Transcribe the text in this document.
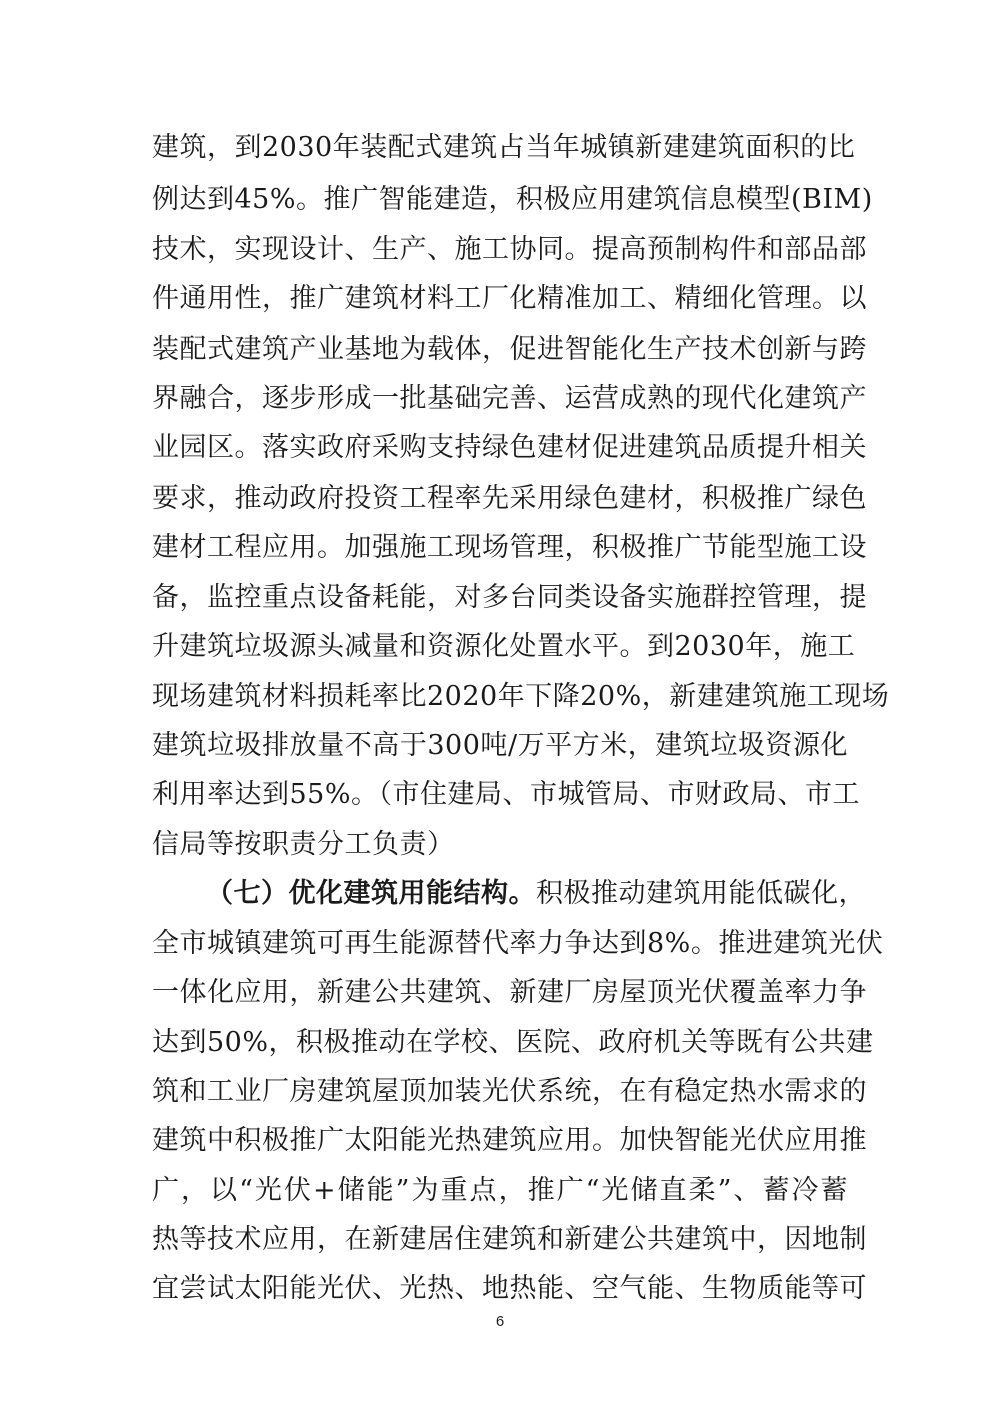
建筑，到2030年装配式建筑占当年城镇新建建筑面积的比
例达到45%。推广智能建造，积极应用建筑信息模型(BIM)
技术，实现设计、生产、施工协同。提高预制构件和部品部
件通用性，推广建筑材料工厂化精准加工、精细化管理。以
装配式建筑产业基地为载体，促进智能化生产技术创新与跨
界融合，逐步形成一批基础完善、运营成熟的现代化建筑产
业园区。落实政府采购支持绿色建材促进建筑品质提升相关
要求，推动政府投资工程率先采用绿色建材，积极推广绿色
建材工程应用。加强施工现场管理，积极推广节能型施工设
备，监控重点设备耗能，对多台同类设备实施群控管理，提
升建筑垃圾源头减量和资源化处置水平。到2030年，施工
现场建筑材料损耗率比2020年下降20%，新建建筑施工现场
建筑垃圾排放量不高于300吨/万平方米，建筑垃圾资源化
利用率达到55%。（市住建局、市城管局、市财政局、市工
信局等按职责分工负责）
（七）优化建筑用能结构。积极推动建筑用能低碳化，
全市城镇建筑可再生能源替代率力争达到8%。推进建筑光伏
一体化应用，新建公共建筑、新建厂房屋顶光伏覆盖率力争
达到50%，积极推动在学校、医院、政府机关等既有公共建
筑和工业厂房建筑屋顶加装光伏系统，在有稳定热水需求的
建筑中积极推广太阳能光热建筑应用。加快智能光伏应用推
广，以“光伏+储能”为重点，推广“光储直柔”、蓄冷蓄
热等技术应用，在新建居住建筑和新建公共建筑中，因地制
宜尝试太阳能光伏、光热、地热能、空气能、生物质能等可
6
